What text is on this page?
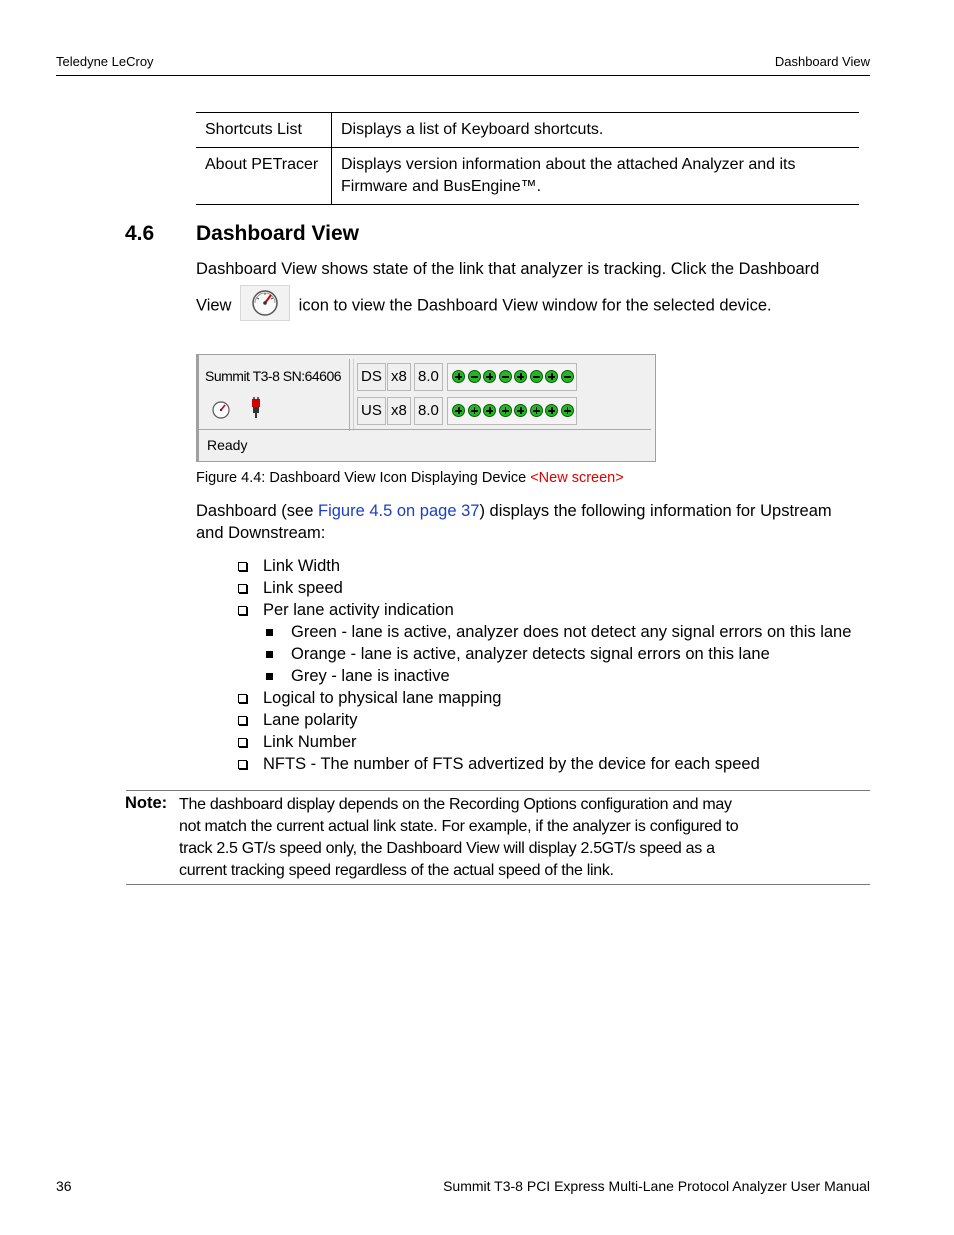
Teledyne LeCroy	Dashboard View
Shortcuts List	Displays a list of Keyboard shortcuts.
About PETracer	Displays version information about the attached Analyzer and its Firmware and BusEngine™.
4.6 Dashboard View
Dashboard View shows state of the link that analyzer is tracking. Click the Dashboard
View	icon to view the Dashboard View window for the selected device.
Summit T3-8 SN:64606 DS x8 8.0
US x8 8.0
Ready
Figure 4.4: Dashboard View Icon Displaying Device <New screen>
Dashboard (see Figure 4.5 on page 37) displays the following information for Upstream
and Downstream:
Link Width
Link speed
Per lane activity indication
Green - lane is active, analyzer does not detect any signal errors on this lane
Orange - lane is active, analyzer detects signal errors on this lane
Grey - lane is inactive
Logical to physical lane mapping
Lane polarity
Link Number
NFTS - The number of FTS advertized by the device for each speed
Note: The dashboard display depends on the Recording Options configuration and may
not match the current actual link state. For example, if the analyzer is configured to
track 2.5 GT/s speed only, the Dashboard View will display 2.5GT/s speed as a
current tracking speed regardless of the actual speed of the link.
36	Summit T3-8 PCI Express Multi-Lane Protocol Analyzer User Manual
